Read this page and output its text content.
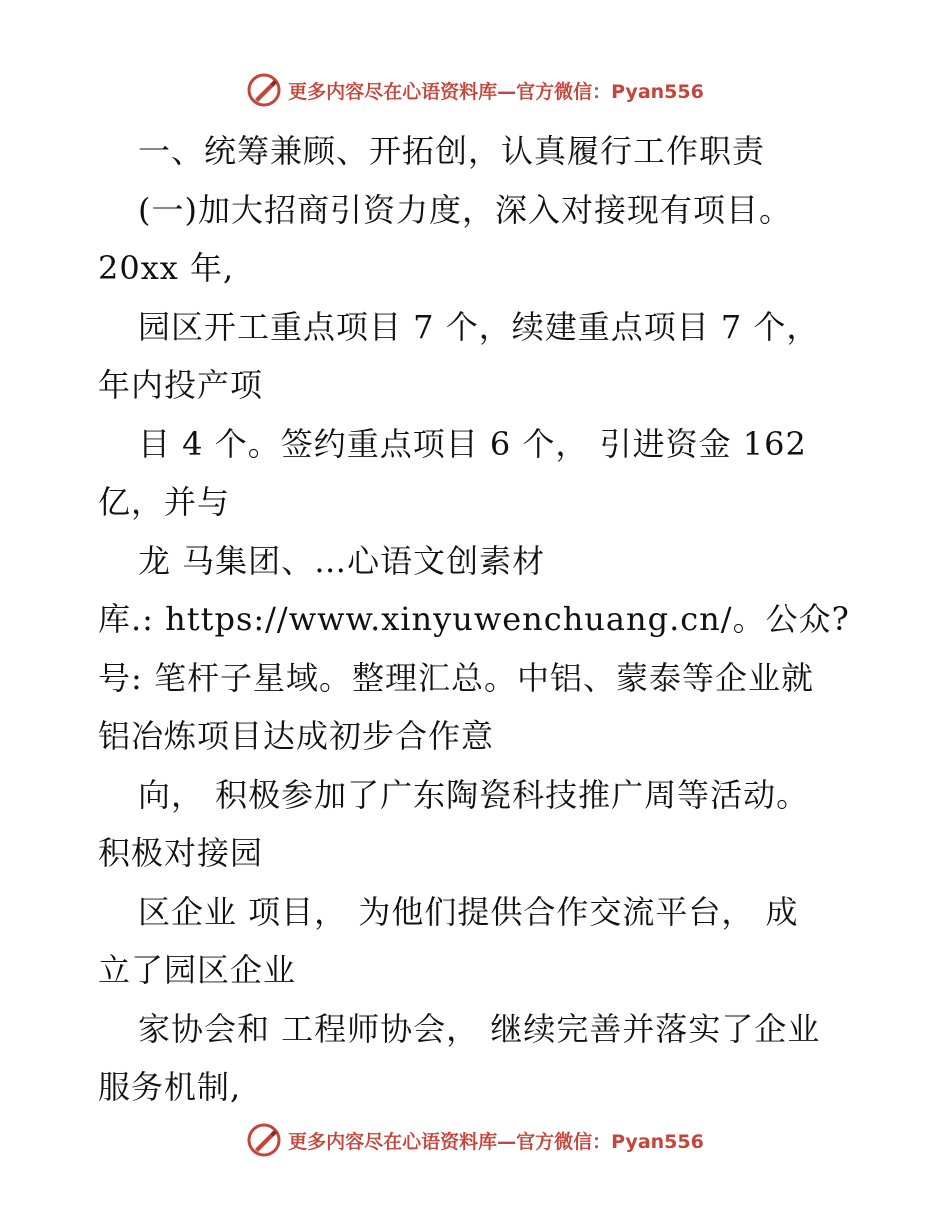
更多内容尽在心语资料库—官方微信：Pyan556
一、统筹兼顾、开拓创，认真履行工作职责
(一)加大招商引资力度，深入对接现有项目。
20xx 年,
园区开工重点项目 7 个，续建重点项目 7 个，
年内投产项
目 4 个。签约重点项目 6 个， 引进资金 162
亿，并与
龙 马集团、…心语文创素材
库.: https://www.xinyuwenchuang.cn/。公众?
号: 笔杆子星域。整理汇总。中铝、蒙泰等企业就
铝冶炼项目达成初步合作意
向， 积极参加了广东陶瓷科技推广周等活动。
积极对接园
区企业 项目， 为他们提供合作交流平台， 成
立了园区企业
家协会和 工程师协会， 继续完善并落实了企业
服务机制,
更多内容尽在心语资料库—官方微信：Pyan556
